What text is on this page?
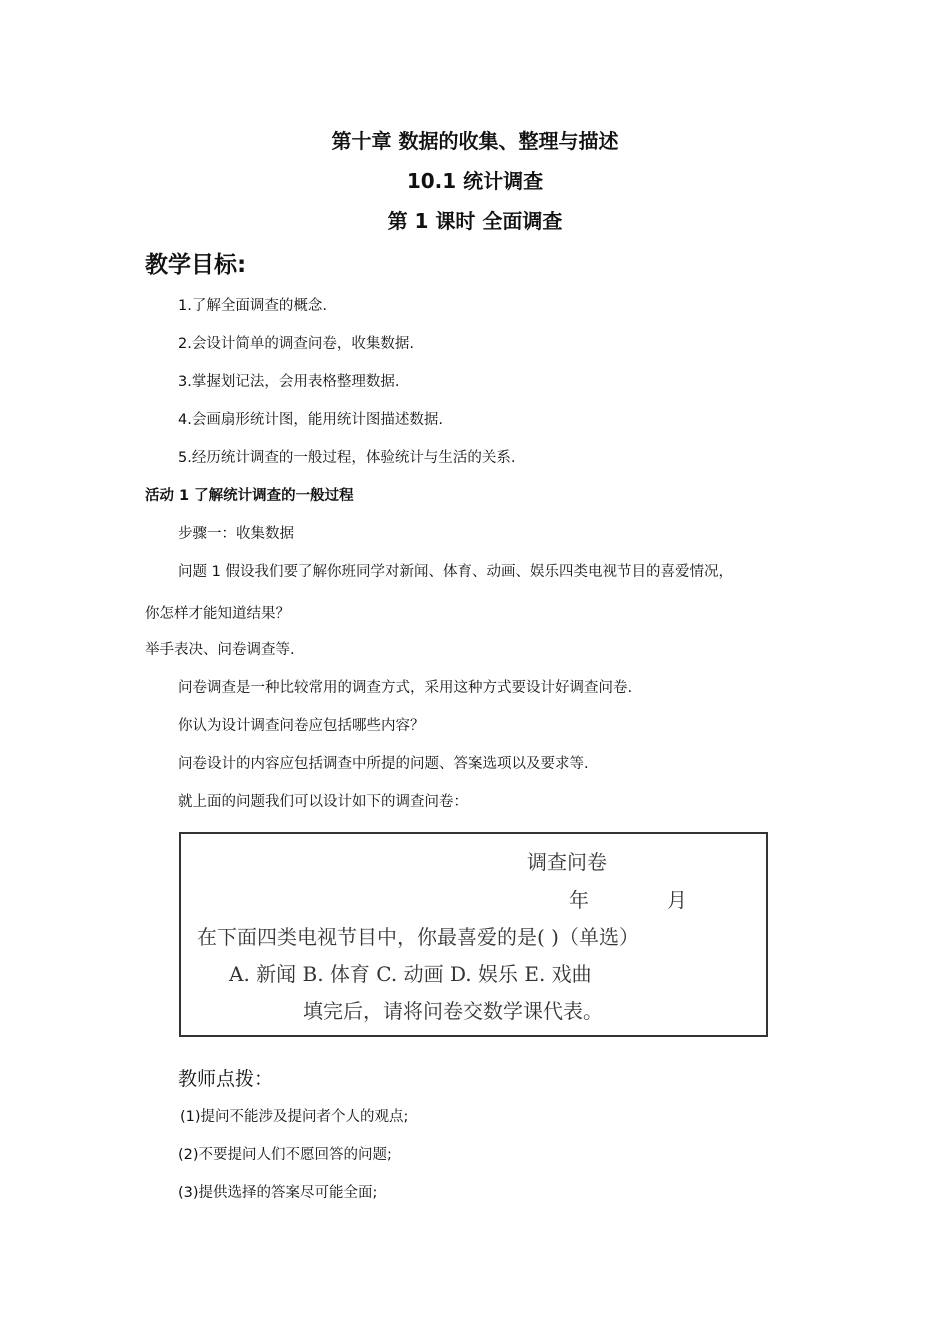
第十章 数据的收集、整理与描述
10.1 统计调查
第 1 课时 全面调查
教学目标:
1.了解全面调查的概念.
2.会设计简单的调查问卷，收集数据.
3.掌握划记法，会用表格整理数据.
4.会画扇形统计图，能用统计图描述数据.
5.经历统计调查的一般过程，体验统计与生活的关系.
活动 1 了解统计调查的一般过程
步骤一：收集数据
问题 1 假设我们要了解你班同学对新闻、体育、动画、娱乐四类电视节目的喜爱情况，
你怎样才能知道结果？
举手表决、问卷调查等.
问卷调查是一种比较常用的调查方式，采用这种方式要设计好调查问卷.
你认为设计调查问卷应包括哪些内容？
问卷设计的内容应包括调查中所提的问题、答案选项以及要求等.
就上面的问题我们可以设计如下的调查问卷：
调查问卷
年	月
在下面四类电视节目中，你最喜爱的是( )（单选）
A. 新闻 B. 体育 C. 动画 D. 娱乐 E. 戏曲
填完后，请将问卷交数学课代表。
教师点拨：
(1)提问不能涉及提问者个人的观点;
(2)不要提问人们不愿回答的问题;
(3)提供选择的答案尽可能全面;
